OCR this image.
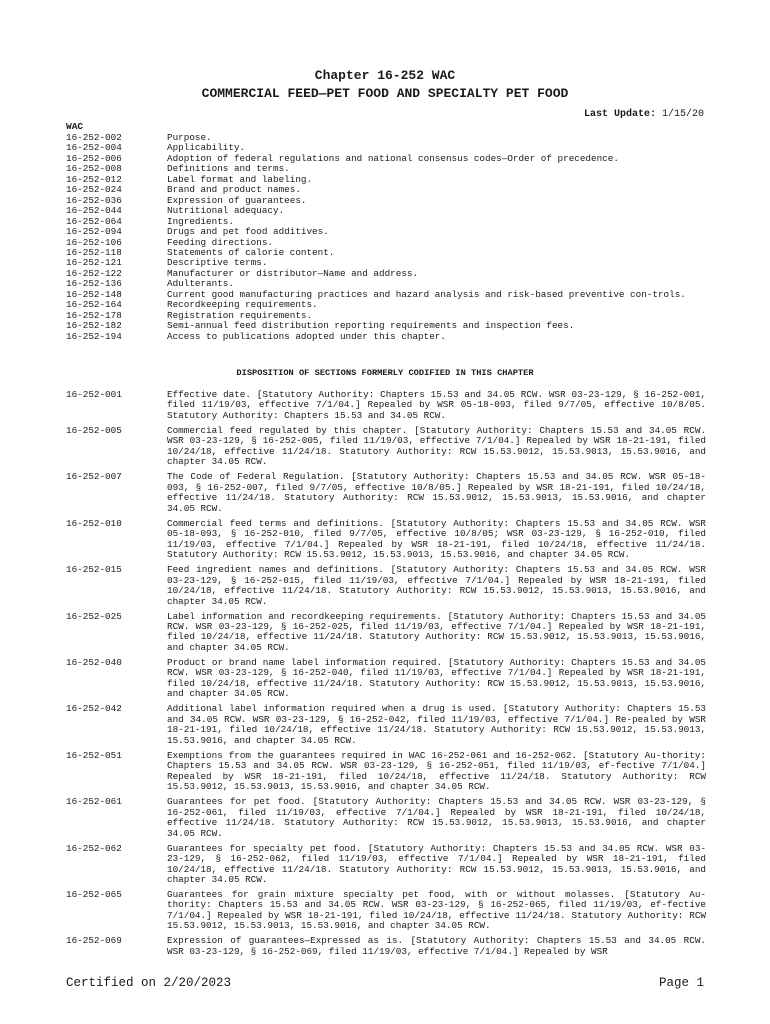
Chapter 16-252 WAC
COMMERCIAL FEED—PET FOOD AND SPECIALTY PET FOOD
Last Update: 1/15/20
WAC
16-252-002	Purpose.
16-252-004	Applicability.
16-252-006	Adoption of federal regulations and national consensus codes—Order of precedence.
16-252-008	Definitions and terms.
16-252-012	Label format and labeling.
16-252-024	Brand and product names.
16-252-036	Expression of guarantees.
16-252-044	Nutritional adequacy.
16-252-064	Ingredients.
16-252-094	Drugs and pet food additives.
16-252-106	Feeding directions.
16-252-118	Statements of calorie content.
16-252-121	Descriptive terms.
16-252-122	Manufacturer or distributor—Name and address.
16-252-136	Adulterants.
16-252-148	Current good manufacturing practices and hazard analysis and risk-based preventive con-trols.
16-252-164	Recordkeeping requirements.
16-252-178	Registration requirements.
16-252-182	Semi-annual feed distribution reporting requirements and inspection fees.
16-252-194	Access to publications adopted under this chapter.
DISPOSITION OF SECTIONS FORMERLY CODIFIED IN THIS CHAPTER
16-252-001	Effective date. [Statutory Authority: Chapters 15.53 and 34.05 RCW. WSR 03-23-129, § 16-252-001, filed 11/19/03, effective 7/1/04.] Repealed by WSR 05-18-093, filed 9/7/05, effective 10/8/05. Statutory Authority: Chapters 15.53 and 34.05 RCW.
16-252-005	Commercial feed regulated by this chapter. [Statutory Authority: Chapters 15.53 and 34.05 RCW. WSR 03-23-129, § 16-252-005, filed 11/19/03, effective 7/1/04.] Repealed by WSR 18-21-191, filed 10/24/18, effective 11/24/18. Statutory Authority: RCW 15.53.9012, 15.53.9013, 15.53.9016, and chapter 34.05 RCW.
16-252-007	The Code of Federal Regulation. [Statutory Authority: Chapters 15.53 and 34.05 RCW. WSR 05-18-093, § 16-252-007, filed 9/7/05, effective 10/8/05.] Repealed by WSR 18-21-191, filed 10/24/18, effective 11/24/18. Statutory Authority: RCW 15.53.9012, 15.53.9013, 15.53.9016, and chapter 34.05 RCW.
16-252-010	Commercial feed terms and definitions. [Statutory Authority: Chapters 15.53 and 34.05 RCW. WSR 05-18-093, § 16-252-010, filed 9/7/05, effective 10/8/05; WSR 03-23-129, § 16-252-010, filed 11/19/03, effective 7/1/04.] Repealed by WSR 18-21-191, filed 10/24/18, effective 11/24/18. Statutory Authority: RCW 15.53.9012, 15.53.9013, 15.53.9016, and chapter 34.05 RCW.
16-252-015	Feed ingredient names and definitions. [Statutory Authority: Chapters 15.53 and 34.05 RCW. WSR 03-23-129, § 16-252-015, filed 11/19/03, effective 7/1/04.] Repealed by WSR 18-21-191, filed 10/24/18, effective 11/24/18. Statutory Authority: RCW 15.53.9012, 15.53.9013, 15.53.9016, and chapter 34.05 RCW.
16-252-025	Label information and recordkeeping requirements. [Statutory Authority: Chapters 15.53 and 34.05 RCW. WSR 03-23-129, § 16-252-025, filed 11/19/03, effective 7/1/04.] Repealed by WSR 18-21-191, filed 10/24/18, effective 11/24/18. Statutory Authority: RCW 15.53.9012, 15.53.9013, 15.53.9016, and chapter 34.05 RCW.
16-252-040	Product or brand name label information required. [Statutory Authority: Chapters 15.53 and 34.05 RCW. WSR 03-23-129, § 16-252-040, filed 11/19/03, effective 7/1/04.] Repealed by WSR 18-21-191, filed 10/24/18, effective 11/24/18. Statutory Authority: RCW 15.53.9012, 15.53.9013, 15.53.9016, and chapter 34.05 RCW.
16-252-042	Additional label information required when a drug is used. [Statutory Authority: Chapters 15.53 and 34.05 RCW. WSR 03-23-129, § 16-252-042, filed 11/19/03, effective 7/1/04.] Re-pealed by WSR 18-21-191, filed 10/24/18, effective 11/24/18. Statutory Authority: RCW 15.53.9012, 15.53.9013, 15.53.9016, and chapter 34.05 RCW.
16-252-051	Exemptions from the guarantees required in WAC 16-252-061 and 16-252-062. [Statutory Au-thority: Chapters 15.53 and 34.05 RCW. WSR 03-23-129, § 16-252-051, filed 11/19/03, ef-fective 7/1/04.] Repealed by WSR 18-21-191, filed 10/24/18, effective 11/24/18. Statutory Authority: RCW 15.53.9012, 15.53.9013, 15.53.9016, and chapter 34.05 RCW.
16-252-061	Guarantees for pet food. [Statutory Authority: Chapters 15.53 and 34.05 RCW. WSR 03-23-129, § 16-252-061, filed 11/19/03, effective 7/1/04.] Repealed by WSR 18-21-191, filed 10/24/18, effective 11/24/18. Statutory Authority: RCW 15.53.9012, 15.53.9013, 15.53.9016, and chapter 34.05 RCW.
16-252-062	Guarantees for specialty pet food. [Statutory Authority: Chapters 15.53 and 34.05 RCW. WSR 03-23-129, § 16-252-062, filed 11/19/03, effective 7/1/04.] Repealed by WSR 18-21-191, filed 10/24/18, effective 11/24/18. Statutory Authority: RCW 15.53.9012, 15.53.9013, 15.53.9016, and chapter 34.05 RCW.
16-252-065	Guarantees for grain mixture specialty pet food, with or without molasses. [Statutory Au-thority: Chapters 15.53 and 34.05 RCW. WSR 03-23-129, § 16-252-065, filed 11/19/03, ef-fective 7/1/04.] Repealed by WSR 18-21-191, filed 10/24/18, effective 11/24/18. Statutory Authority: RCW 15.53.9012, 15.53.9013, 15.53.9016, and chapter 34.05 RCW.
16-252-069	Expression of guarantees—Expressed as is. [Statutory Authority: Chapters 15.53 and 34.05 RCW. WSR 03-23-129, § 16-252-069, filed 11/19/03, effective 7/1/04.] Repealed by WSR
Certified on 2/20/2023	Page 1
